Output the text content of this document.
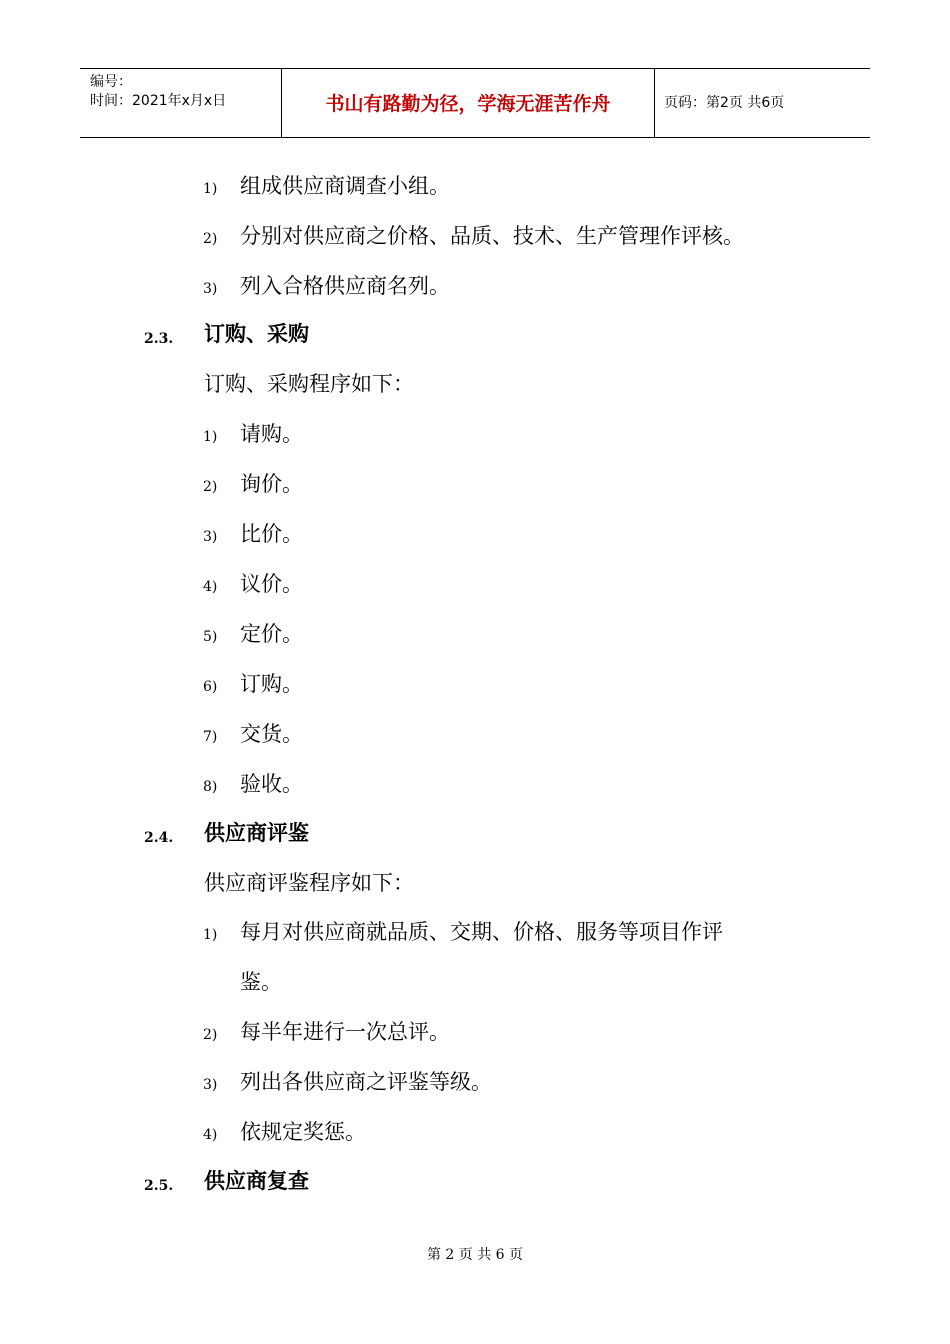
编号：
时间：2021年x月x日	书山有路勤为径，学海无涯苦作舟	页码：第2页 共6页
1) 组成供应商调查小组。
2) 分别对供应商之价格、品质、技术、生产管理作评核。
3) 列入合格供应商名列。
2.3. 订购、采购
订购、采购程序如下：
1) 请购。
2) 询价。
3) 比价。
4) 议价。
5) 定价。
6) 订购。
7) 交货。
8) 验收。
2.4. 供应商评鉴
供应商评鉴程序如下：
1) 每月对供应商就品质、交期、价格、服务等项目作评
鉴。
2) 每半年进行一次总评。
3) 列出各供应商之评鉴等级。
4) 依规定奖惩。
2.5. 供应商复查
第 2 页 共 6 页
